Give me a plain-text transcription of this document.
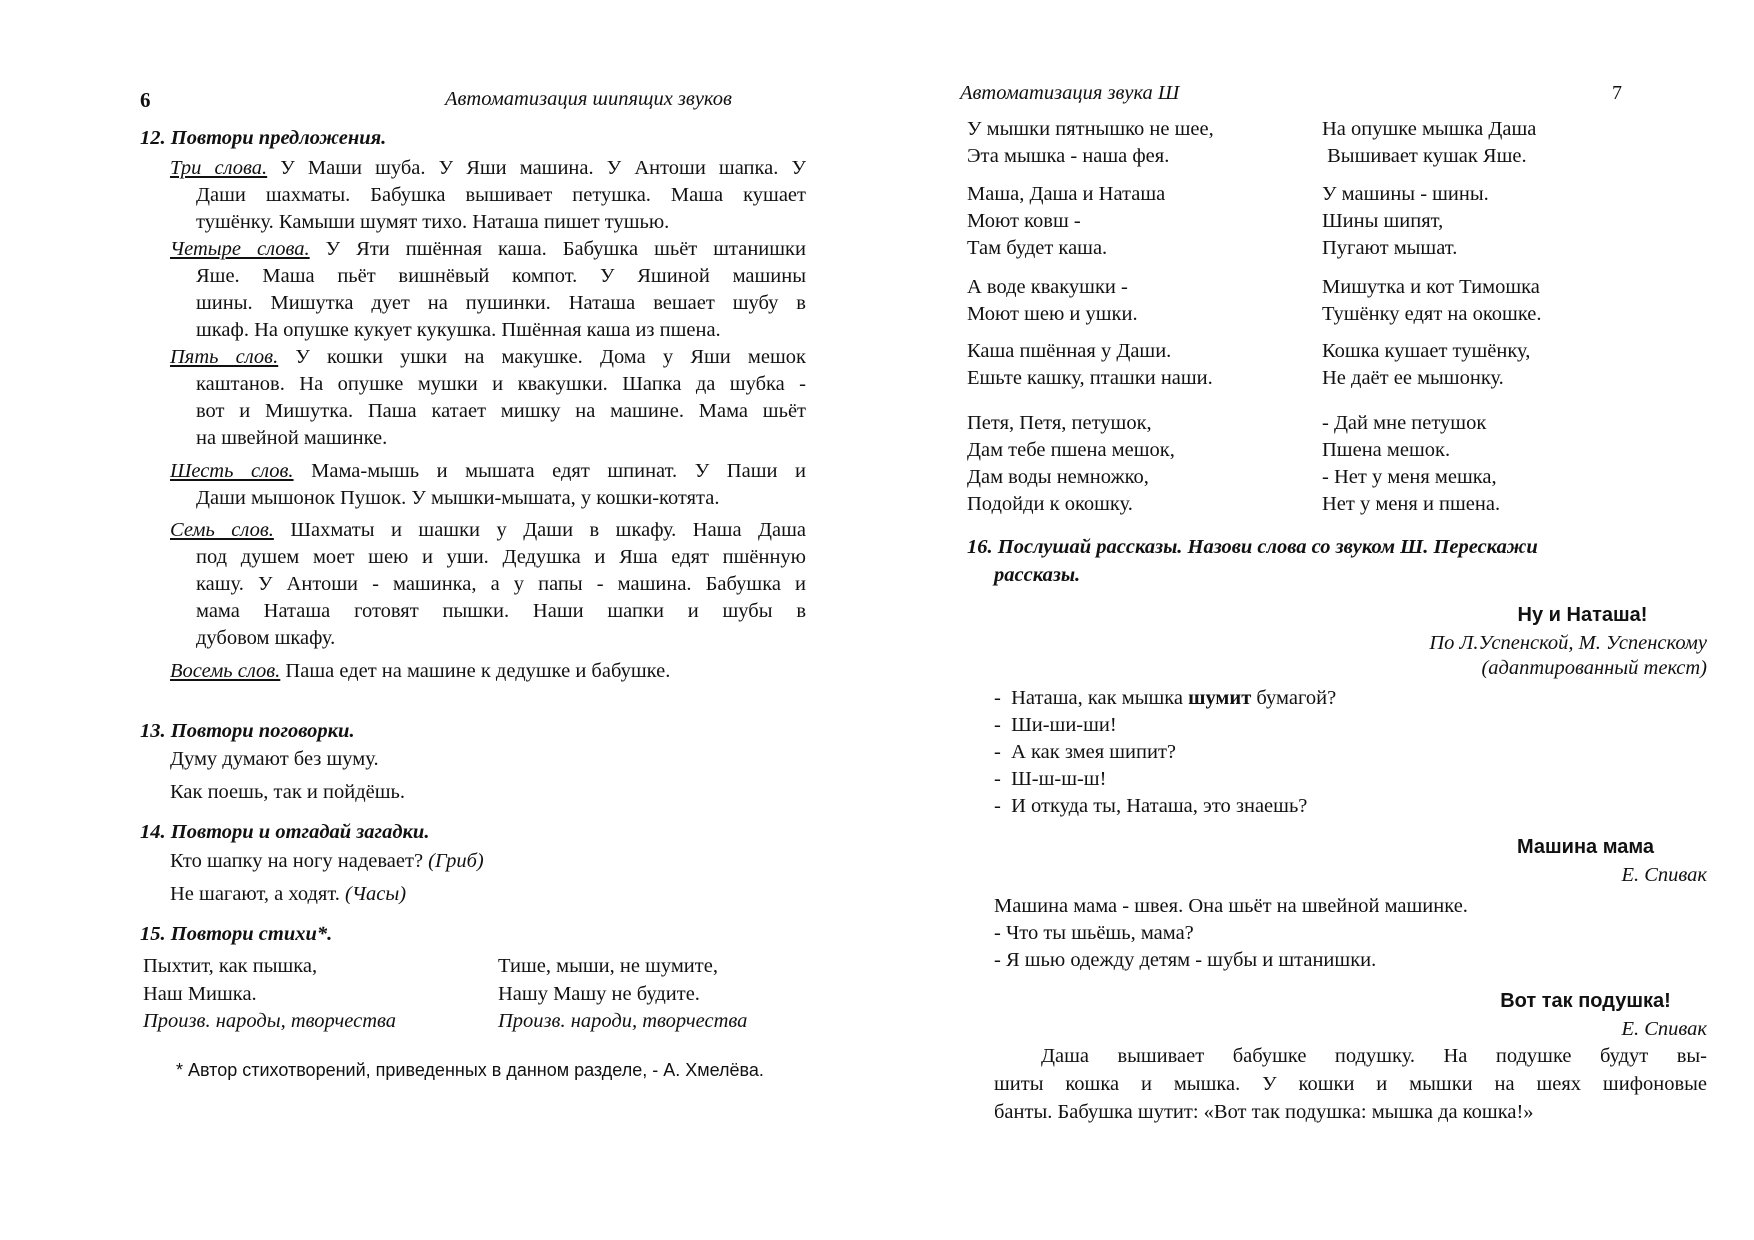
6	Автоматизация шипящих звуков
12. Повтори предложения.
Три слова. У Маши шуба. У Яши машина. У Антоши шапка. У
Даши шахматы. Бабушка вышивает петушка. Маша кушает
тушёнку. Камыши шумят тихо. Наташа пишет тушью.
Четыре слова. У Яти пшённая каша. Бабушка шьёт штанишки
Яше. Маша пьёт вишнёвый компот. У Яшиной машины
шины. Мишутка дует на пушинки. Наташа вешает шубу в
шкаф. На опушке кукует кукушка. Пшённая каша из пшена.
Пять слов. У кошки ушки на макушке. Дома у Яши мешок
каштанов. На опушке мушки и квакушки. Шапка да шубка -
вот и Мишутка. Паша катает мишку на машине. Мама шьёт
на швейной машинке.
Шесть слов. Мама-мышь и мышата едят шпинат. У Паши и
Даши мышонок Пушок. У мышки-мышата, у кошки-котята.
Семь слов. Шахматы и шашки у Даши в шкафу. Наша Даша
под душем моет шею и уши. Дедушка и Яша едят пшённую
кашу. У Антоши - машинка, а у папы - машина. Бабушка и
мама Наташа готовят пышки. Наши шапки и шубы в
дубовом шкафу.
Восемь слов. Паша едет на машине к дедушке и бабушке.
13. Повтори поговорки.
Думу думают без шуму.
Как поешь, так и пойдёшь.
14. Повтори и отгадай загадки.
Кто шапку на ногу надевает? (Гриб)
Не шагают, а ходят. (Часы)
15. Повтори стихи*.
Пыхтит, как пышка,
Наш Мишка.
Произв. народы, творчества
Тише, мыши, не шумите,
Нашу Машу не будите.
Произв. народи, творчества
* Автор стихотворений, приведенных в данном разделе, - А. Хмелёва.
Автоматизация звука Ш	7
У мышки пятнышко не шее,
Эта мышка - наша фея.
На опушке мышка Даша
Вышивает кушак Яше.
Маша, Даша и Наташа
Моют ковш -
Там будет каша.
У машины - шины.
Шины шипят,
Пугают мышат.
А воде квакушки -
Моют шею и ушки.
Мишутка и кот Тимошка
Тушёнку едят на окошке.
Каша пшённая у Даши.
Ешьте кашку, пташки наши.
Кошка кушает тушёнку,
Не даёт ее мышонку.
Петя, Петя, петушок,
Дам тебе пшена мешок,
Дам воды немножко,
Подойди к окошку.
- Дай мне петушок
Пшена мешок.
- Нет у меня мешка,
Нет у меня и пшена.
16. Послушай рассказы. Назови слова со звуком Ш. Перескажи
рассказы.
Ну и Наташа!
По Л.Успенской, М. Успенскому
(адаптированный текст)
-  Наташа, как мышка шумит бумагой?
-  Ши-ши-ши!
-  А как змея шипит?
-  Ш-ш-ш-ш!
-  И откуда ты, Наташа, это знаешь?
Машина мама
Е. Спивак
Машина мама - швея. Она шьёт на швейной машинке.
- Что ты шьёшь, мама?
- Я шью одежду детям - шубы и штанишки.
Вот так подушка!
Е. Спивак
Даша вышивает бабушке подушку. На подушке будут вы-
шиты кошка и мышка. У кошки и мышки на шеях шифоновые
банты. Бабушка шутит: «Вот так подушка: мышка да кошка!»
